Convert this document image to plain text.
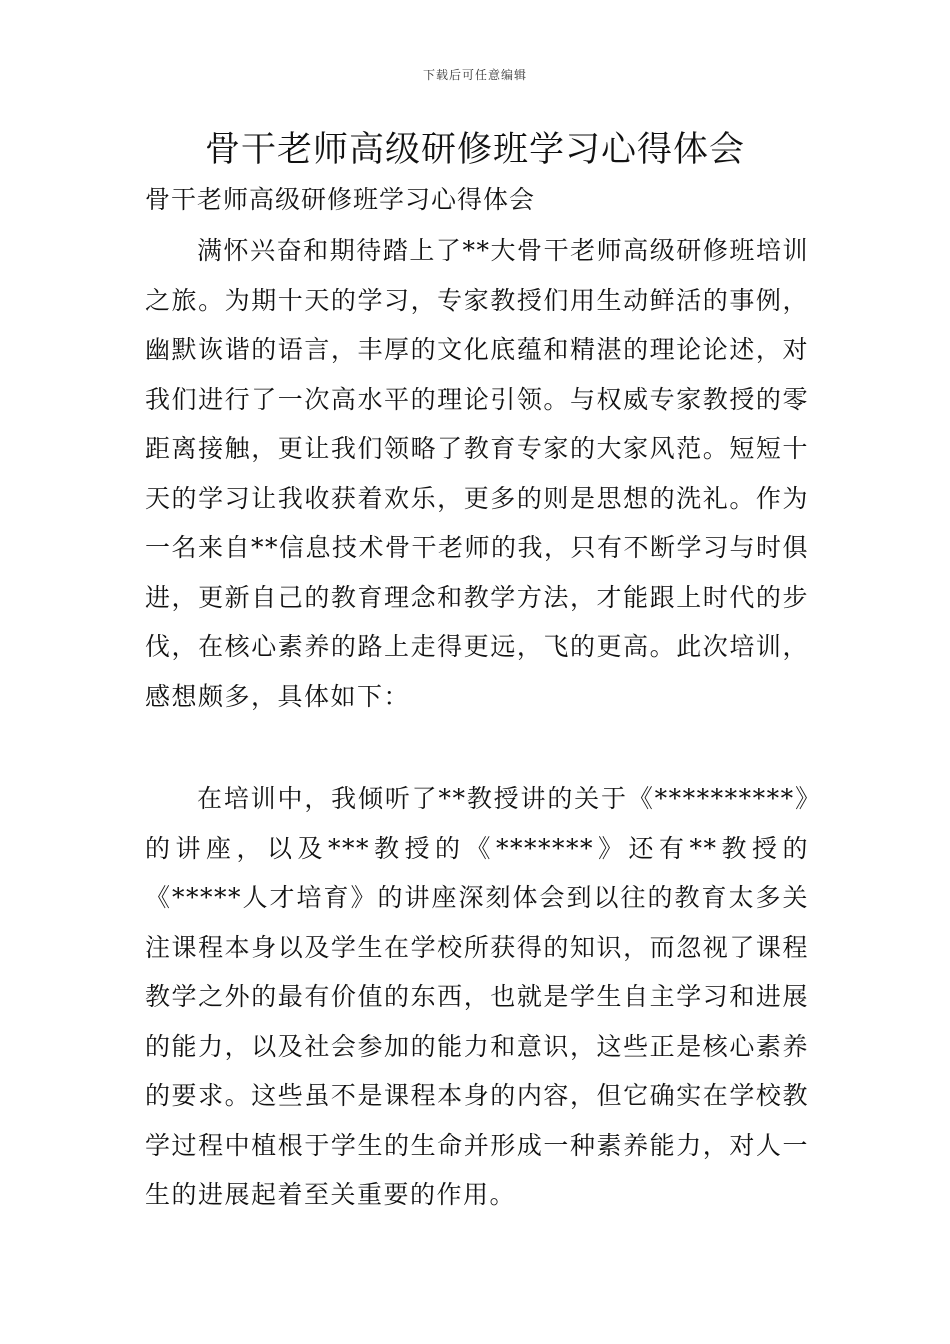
下载后可任意编辑
骨干老师高级研修班学习心得体会
骨干老师高级研修班学习心得体会

满怀兴奋和期待踏上了**大骨干老师高级研修班培训之旅。为期十天的学习，专家教授们用生动鲜活的事例，幽默诙谐的语言，丰厚的文化底蕴和精湛的理论论述，对我们进行了一次高水平的理论引领。与权威专家教授的零距离接触，更让我们领略了教育专家的大家风范。短短十天的学习让我收获着欢乐，更多的则是思想的洗礼。作为一名来自**信息技术骨干老师的我，只有不断学习与时俱进，更新自己的教育理念和教学方法，才能跟上时代的步伐，在核心素养的路上走得更远，飞的更高。此次培训，感想颇多，具体如下：

在培训中，我倾听了**教授讲的关于《**********》的讲座，以及***教授的《*******》还有**教授的《*****人才培育》的讲座深刻体会到以往的教育太多关注课程本身以及学生在学校所获得的知识，而忽视了课程教学之外的最有价值的东西，也就是学生自主学习和进展的能力，以及社会参加的能力和意识，这些正是核心素养的要求。这些虽不是课程本身的内容，但它确实在学校教学过程中植根于学生的生命并形成一种素养能力，对人一生的进展起着至关重要的作用。
